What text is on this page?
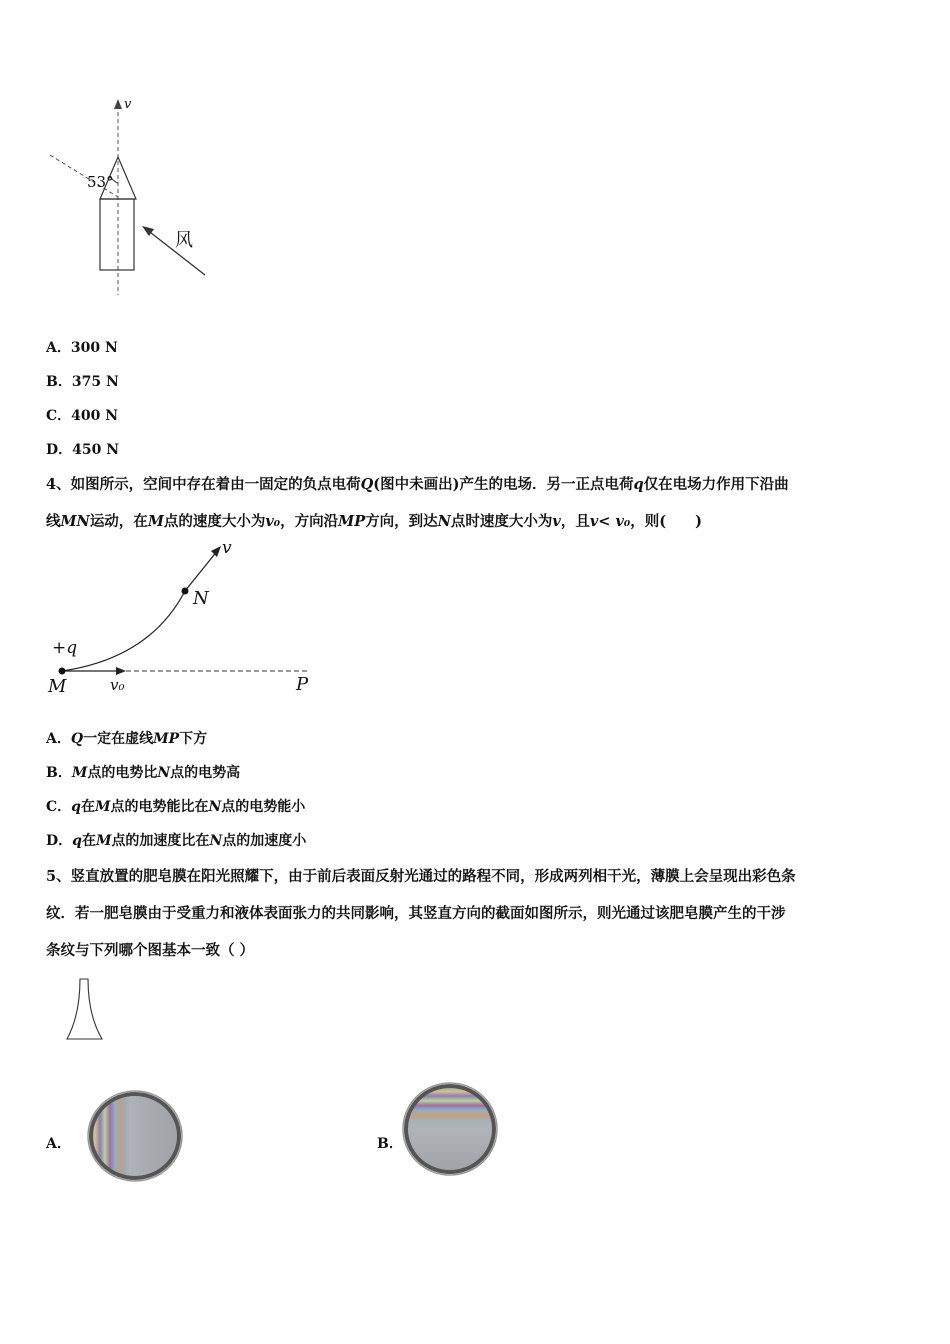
v
53°
风
A．300 N
B．375 N
C．400 N
D．450 N
4、如图所示，空间中存在着由一固定的负点电荷Q(图中未画出)产生的电场．另一正点电荷q仅在电场力作用下沿曲
线MN运动，在M点的速度大小为v₀，方向沿MP方向，到达N点时速度大小为v，且v< v₀，则(　　)
v
N
+q
M	v₀	P
A．Q一定在虚线MP下方
B．M点的电势比N点的电势高
C．q在M点的电势能比在N点的电势能小
D．q在M点的加速度比在N点的加速度小
5、竖直放置的肥皂膜在阳光照耀下，由于前后表面反射光通过的路程不同，形成两列相干光，薄膜上会呈现出彩色条
纹．若一肥皂膜由于受重力和液体表面张力的共同影响，其竖直方向的截面如图所示，则光通过该肥皂膜产生的干涉
条纹与下列哪个图基本一致（ ）
A．	B．
